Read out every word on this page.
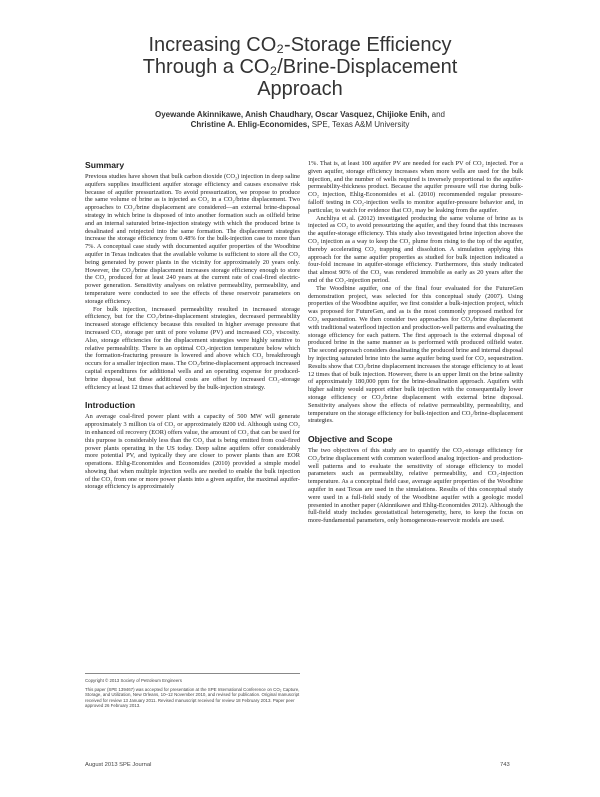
Increasing CO₂-Storage Efficiency
Through a CO₂/Brine-Displacement
Approach
Oyewande Akinnikawe, Anish Chaudhary, Oscar Vasquez, Chijioke Enih, and
Christine A. Ehlig-Economides, SPE, Texas A&M University
Summary

Previous studies have shown that bulk carbon dioxide (CO₂) injection in deep saline aquifers supplies insufficient aquifer storage efficiency and causes excessive risk because of aquifer pressurization. To avoid pressurization, we propose to produce the same volume of brine as is injected as CO₂ in a CO₂/brine displacement. Two approaches to CO₂/brine displacement are considered—an external brine-disposal strategy in which brine is disposed of into another formation such as oilfield brine and an internal saturated brine-injection strategy with which the produced brine is desalinated and reinjected into the same formation. The displacement strategies increase the storage efficiency from 0.48% for the bulk-injection case to more than 7%. A conceptual case study with documented aquifer properties of the Woodbine aquifer in Texas indicates that the available volume is sufficient to store all the CO₂ being generated by power plants in the vicinity for approximately 20 years only. However, the CO₂/brine displacement increases storage efficiency enough to store the CO₂ produced for at least 240 years at the current rate of coal-fired electric-power generation. Sensitivity analyses on relative permeability, permeability, and temperature were conducted to see the effects of these reservoir parameters on storage efficiency.

For bulk injection, increased permeability resulted in increased storage efficiency, but for the CO₂/brine-displacement strategies, decreased permeability increased storage efficiency because this resulted in higher average pressure that increased CO₂ storage per unit of pore volume (PV) and increased CO₂ viscosity. Also, storage efficiencies for the displacement strategies were highly sensitive to relative permeability. There is an optimal CO₂-injection temperature below which the formation-fracturing pressure is lowered and above which CO₂ breakthrough occurs for a smaller injection mass. The CO₂/brine-displacement approach increased capital expenditures for additional wells and an operating expense for produced-brine disposal, but these additional costs are offset by increased CO₂-storage efficiency at least 12 times that achieved by the bulk-injection strategy.

Introduction

An average coal-fired power plant with a capacity of 500 MW will generate approximately 3 million t/a of CO₂ or approximately 8200 t/d. Although using CO₂ in enhanced oil recovery (EOR) offers value, the amount of CO₂ that can be used for this purpose is considerably less than the CO₂ that is being emitted from coal-fired power plants operating in the US today. Deep saline aquifers offer considerably more potential PV, and typically they are closer to power plants than are EOR operations. Ehlig-Economides and Economides (2010) provided a simple model showing that when multiple injection wells are needed to enable the bulk injection of the CO₂ from one or more power plants into a given aquifer, the maximal aquifer-storage efficiency is approximately

Copyright © 2013 Society of Petroleum Engineers
This paper (SPE 139467) was accepted for presentation at the SPE International Conference on CO₂ Capture, Storage, and Utilization, New Orleans, 10–12 November 2010, and revised for publication. Original manuscript received for review 13 January 2011. Revised manuscript received for review 18 February 2013. Paper peer approved 26 February 2013.

1%. That is, at least 100 aquifer PV are needed for each PV of CO₂ injected. For a given aquifer, storage efficiency increases when more wells are used for the bulk injection, and the number of wells required is inversely proportional to the aquifer-permeability-thickness product. Because the aquifer pressure will rise during bulk-CO₂ injection, Ehlig-Economides et al. (2010) recommended regular pressure-falloff testing in CO₂-injection wells to monitor aquifer-pressure behavior and, in particular, to watch for evidence that CO₂ may be leaking from the aquifer.

Anchliya et al. (2012) investigated producing the same volume of brine as is injected as CO₂ to avoid pressurizing the aquifer, and they found that this increases the aquifer-storage efficiency. This study also investigated brine injection above the CO₂ injection as a way to keep the CO₂ plume from rising to the top of the aquifer, thereby accelerating CO₂ trapping and dissolution. A simulation applying this approach for the same aquifer properties as studied for bulk injection indicated a four-fold increase in aquifer-storage efficiency. Furthermore, this study indicated that almost 90% of the CO₂ was rendered immobile as early as 20 years after the end of the CO₂-injection period.

The Woodbine aquifer, one of the final four evaluated for the FutureGen demonstration project, was selected for this conceptual study (2007). Using properties of the Woodbine aquifer, we first consider a bulk-injection project, which was proposed for FutureGen, and as is the most commonly proposed method for CO₂ sequestration. We then consider two approaches for CO₂/brine displacement with traditional waterflood injection and production-well patterns and evaluating the storage efficiency for each pattern. The first approach is the external disposal of produced brine in the same manner as is performed with produced oilfield water. The second approach considers desalinating the produced brine and internal disposal by injecting saturated brine into the same aquifer being used for CO₂ sequestration. Results show that CO₂/brine displacement increases the storage efficiency to at least 12 times that of bulk injection. However, there is an upper limit on the brine salinity of approximately 180,000 ppm for the brine-desalination approach. Aquifers with higher salinity would support either bulk injection with the consequentially lower storage efficiency or CO₂/brine displacement with external brine disposal. Sensitivity analyses show the effects of relative permeability, permeability, and temperature on the storage efficiency for bulk-injection and CO₂/brine-displacement strategies.

Objective and Scope

The two objectives of this study are to quantify the CO₂-storage efficiency for CO₂/brine displacement with common waterflood analog injection- and production-well patterns and to evaluate the sensitivity of storage efficiency to model parameters such as permeability, relative permeability, and CO₂-injection temperature. As a conceptual field case, average aquifer properties of the Woodbine aquifer in east Texas are used in the simulations. Results of this conceptual study were used in a full-field study of the Woodbine aquifer with a geologic model presented in another paper (Akinnikawe and Ehlig-Economides 2012). Although the full-field study includes geostatistical heterogeneity, here, to keep the focus on more-fundamental parameters, only homogeneous-reservoir models are used.

August 2013 SPE Journal	743
